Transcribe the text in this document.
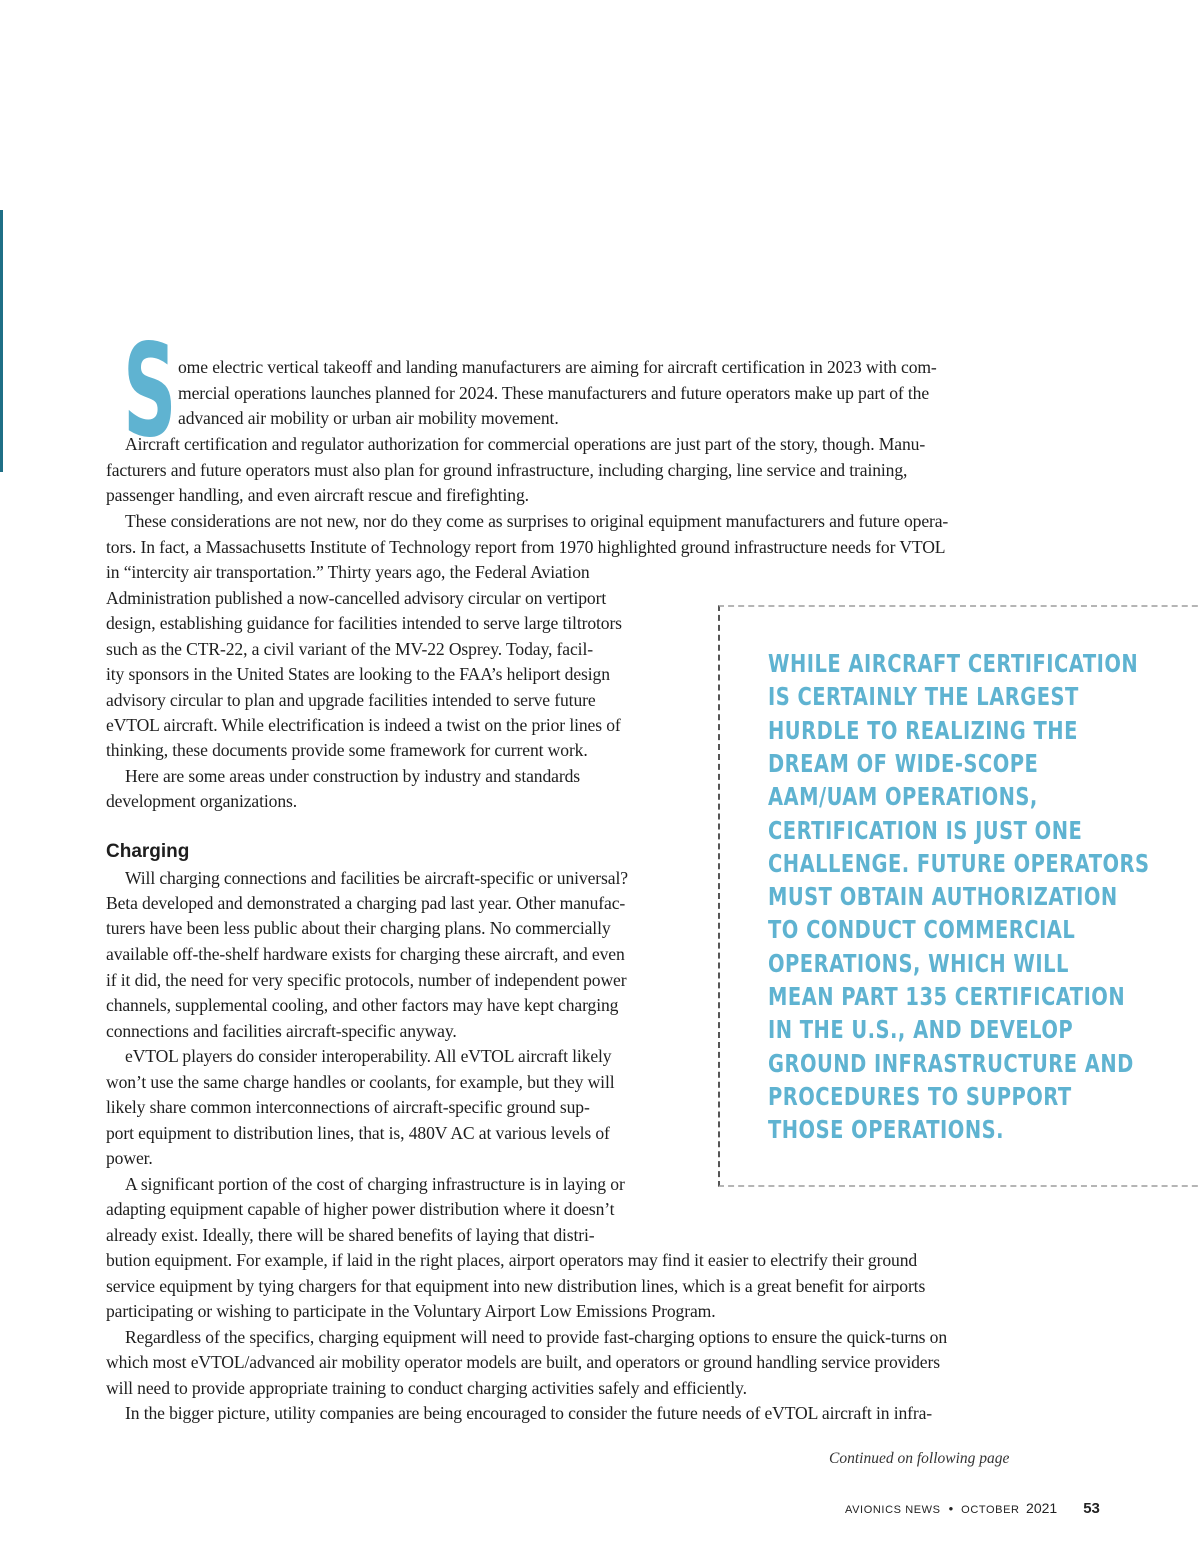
S ome electric vertical takeoff and landing manufacturers are aiming for aircraft certification in 2023 with com-
mercial operations launches planned for 2024. These manufacturers and future operators make up part of the
advanced air mobility or urban air mobility movement.
Aircraft certification and regulator authorization for commercial operations are just part of the story, though. Manu-
facturers and future operators must also plan for ground infrastructure, including charging, line service and training,
passenger handling, and even aircraft rescue and firefighting.
These considerations are not new, nor do they come as surprises to original equipment manufacturers and future opera-
tors. In fact, a Massachusetts Institute of Technology report from 1970 highlighted ground infrastructure needs for VTOL
in “intercity air transportation.” Thirty years ago, the Federal Aviation
Administration published a now-cancelled advisory circular on vertiport
design, establishing guidance for facilities intended to serve large tiltrotors
such as the CTR-22, a civil variant of the MV-22 Osprey. Today, facil-
ity sponsors in the United States are looking to the FAA’s heliport design
advisory circular to plan and upgrade facilities intended to serve future
eVTOL aircraft. While electrification is indeed a twist on the prior lines of
thinking, these documents provide some framework for current work.
Here are some areas under construction by industry and standards
development organizations.
Will charging connections and facilities be aircraft-specific or universal?
Beta developed and demonstrated a charging pad last year. Other manufac-
turers have been less public about their charging plans. No commercially
available off-the-shelf hardware exists for charging these aircraft, and even
if it did, the need for very specific protocols, number of independent power
channels, supplemental cooling, and other factors may have kept charging
connections and facilities aircraft-specific anyway.
eVTOL players do consider interoperability. All eVTOL aircraft likely
won’t use the same charge handles or coolants, for example, but they will
likely share common interconnections of aircraft-specific ground sup-
port equipment to distribution lines, that is, 480V AC at various levels of
power.
A significant portion of the cost of charging infrastructure is in laying or
adapting equipment capable of higher power distribution where it doesn’t
already exist. Ideally, there will be shared benefits of laying that distri-
bution equipment. For example, if laid in the right places, airport operators may find it easier to electrify their ground
service equipment by tying chargers for that equipment into new distribution lines, which is a great benefit for airports
participating or wishing to participate in the Voluntary Airport Low Emissions Program.
Regardless of the specifics, charging equipment will need to provide fast-charging options to ensure the quick-turns on
which most eVTOL/advanced air mobility operator models are built, and operators or ground handling service providers
will need to provide appropriate training to conduct charging activities safely and efficiently.
In the bigger picture, utility companies are being encouraged to consider the future needs of eVTOL aircraft in infra-
Charging
WHILE AIRCRAFT CERTIFICATION
IS CERTAINLY THE LARGEST
HURDLE TO REALIZING THE
DREAM OF WIDE-SCOPE
AAM/UAM OPERATIONS,
CERTIFICATION IS JUST ONE
CHALLENGE. FUTURE OPERATORS
MUST OBTAIN AUTHORIZATION
TO CONDUCT COMMERCIAL
OPERATIONS, WHICH WILL
MEAN PART 135 CERTIFICATION
IN THE U.S., AND DEVELOP
GROUND INFRASTRUCTURE AND
PROCEDURES TO SUPPORT
THOSE OPERATIONS.
Continued on following page
AVIONICS NEWS • OCTOBER 2021 53
